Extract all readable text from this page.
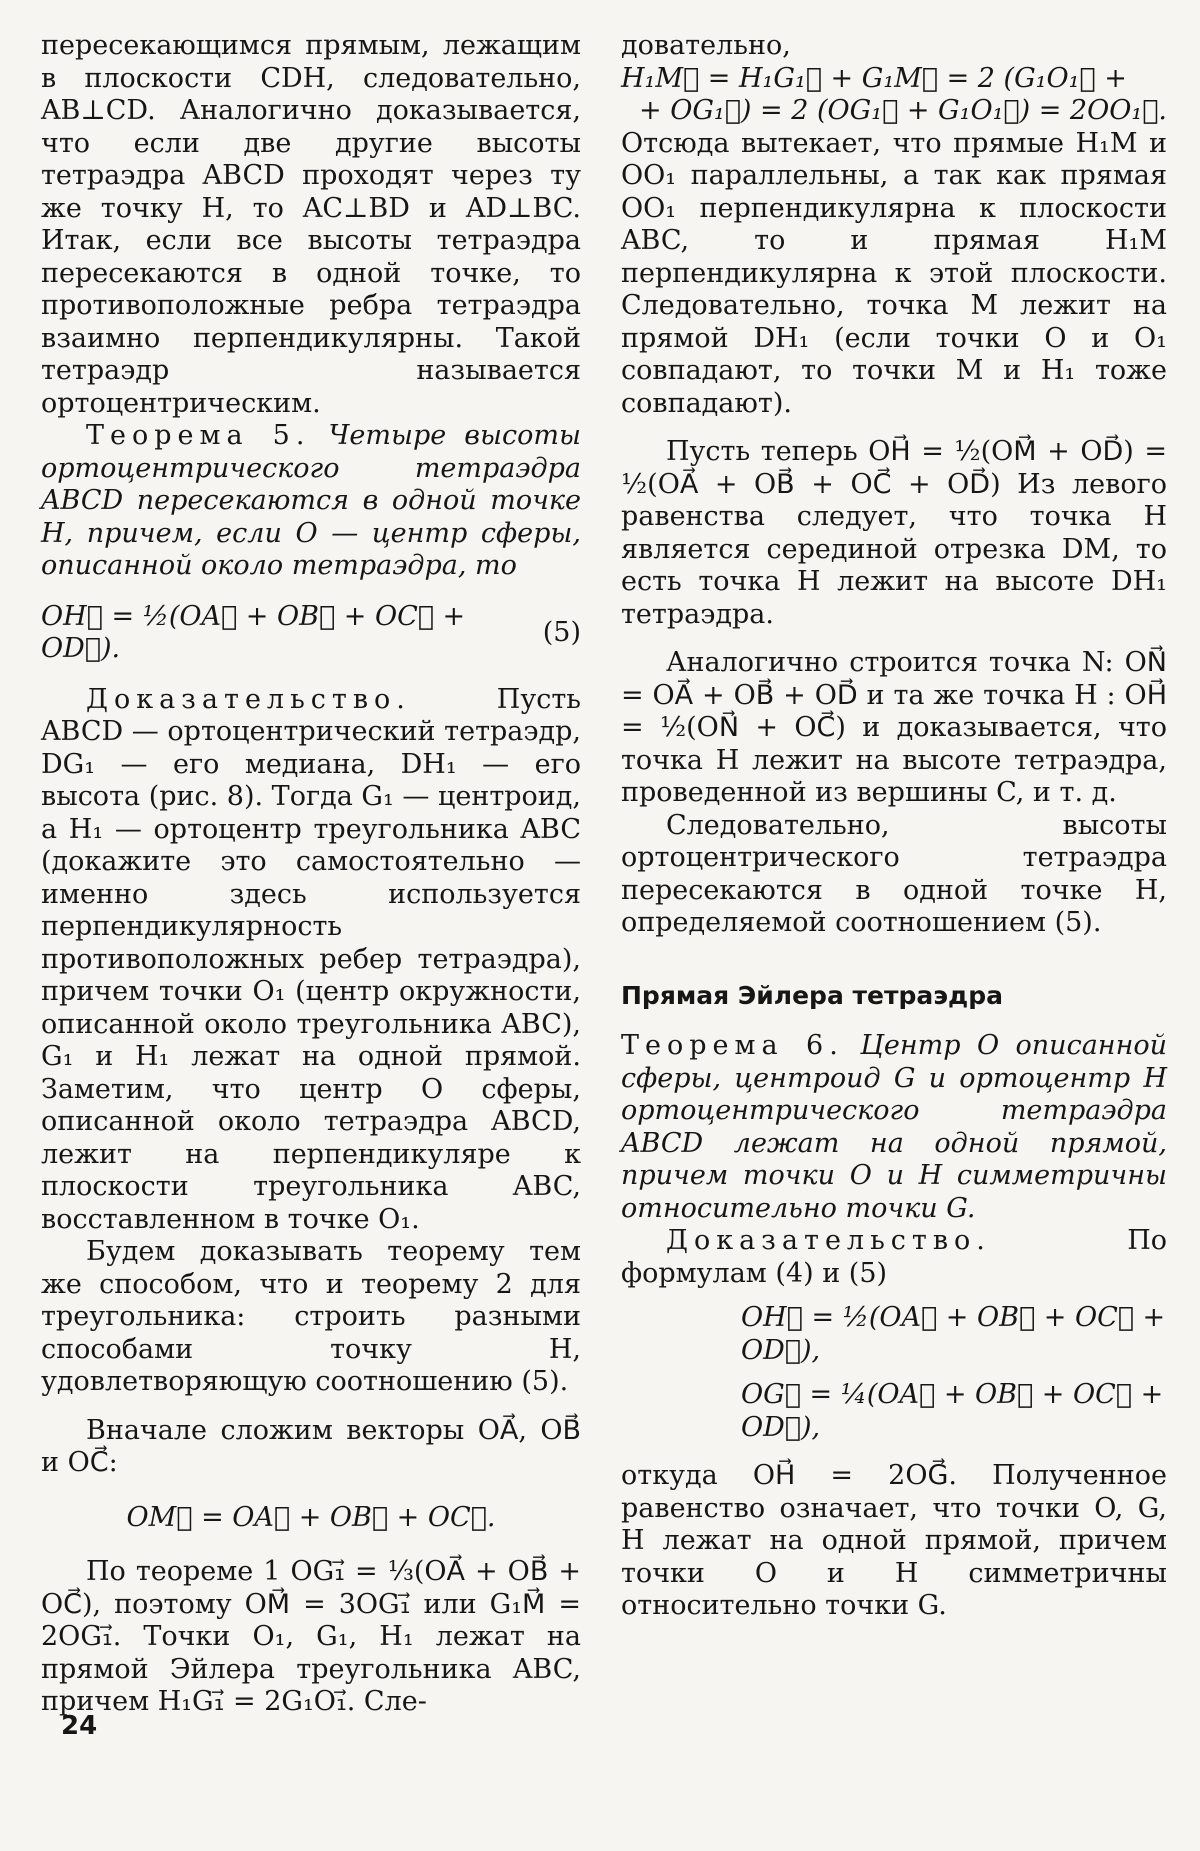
пересекающимся прямым, лежащим в плоскости CDH, следовательно, AB⊥CD. Аналогично доказывается, что если две другие высоты тетраэдра ABCD проходят через ту же точку H, то AC⊥BD и AD⊥BC. Итак, если все высоты тетраэдра пересекаются в одной точке, то противоположные ребра тетраэдра взаимно перпендикулярны. Такой тетраэдр называется ортоцентрическим.

Теорема 5. Четыре высоты ортоцентрического тетраэдра ABCD пересекаются в одной точке H, причем, если O — центр сферы, описанной около тетраэдра, то

OH⃗ = ½(OA⃗ + OB⃗ + OC⃗ + OD⃗).
(5)

Доказательство.	Пусть ABCD — ортоцентрический тетраэдр, DG₁ — его медиана, DH₁ — его высота (рис. 8). Тогда G₁ — центроид, а H₁ — ортоцентр треугольника ABC (докажите это самостоятельно — именно здесь используется перпендикулярность противоположных ребер тетраэдра), причем точки O₁ (центр окружности, описанной около треугольника ABC), G₁ и H₁ лежат на одной прямой. Заметим, что центр O сферы, описанной около тетраэдра ABCD, лежит на перпендикуляре к плоскости треугольника ABC, восставленном в точке O₁.

Будем доказывать теорему тем же способом, что и теорему 2 для треугольника: строить разными способами точку H, удовлетворяющую соотношению (5).

Вначале сложим векторы OA⃗, OB⃗ и OC⃗:

OM⃗ = OA⃗ + OB⃗ + OC⃗.

По теореме 1 OG₁⃗ = ⅓(OA⃗ + OB⃗ + OC⃗), поэтому OM⃗ = 3OG₁⃗ или G₁M⃗ = 2OG₁⃗. Точки O₁, G₁, H₁ лежат на прямой Эйлера треугольника ABC, причем H₁G₁⃗ = 2G₁O₁⃗. Сле-

довательно,

H₁M⃗ = H₁G₁⃗ + G₁M⃗ = 2 (G₁O₁⃗ +
+ OG₁⃗) = 2 (OG₁⃗ + G₁O₁⃗) = 2OO₁⃗.

Отсюда вытекает, что прямые H₁M и OO₁ параллельны, а так как прямая OO₁ перпендикулярна к плоскости ABC, то и прямая H₁M перпендикулярна к этой плоскости. Следовательно, точка M лежит на прямой DH₁ (если точки O и O₁ совпадают, то точки M и H₁ тоже совпадают).

Пусть теперь OH⃗ = ½(OM⃗ + OD⃗) = ½(OA⃗ + OB⃗ + OC⃗ + OD⃗) Из левого равенства следует, что точка H является серединой отрезка DM, то есть точка H лежит на высоте DH₁ тетраэдра.

Аналогично строится точка N: ON⃗ = OA⃗ + OB⃗ + OD⃗ и та же точка H : OH⃗ = ½(ON⃗ + OC⃗) и доказывается, что точка H лежит на высоте тетраэдра, проведенной из вершины C, и т. д.

Следовательно, высоты ортоцентрического тетраэдра пересекаются в одной точке H, определяемой соотношением (5).

Прямая Эйлера тетраэдра

Теорема 6. Центр O описанной сферы, центроид G и ортоцентр H ортоцентрического тетраэдра ABCD лежат на одной прямой, причем точки O и H симметричны относительно точки G.

Доказательство.	По формулам (4) и (5)

OH⃗ = ½(OA⃗ + OB⃗ + OC⃗ + OD⃗),
OG⃗ = ¼(OA⃗ + OB⃗ + OC⃗ + OD⃗),

откуда OH⃗ = 2OG⃗. Полученное равенство означает, что точки O, G, H лежат на одной прямой, причем точки O и H симметричны относительно точки G.

24
